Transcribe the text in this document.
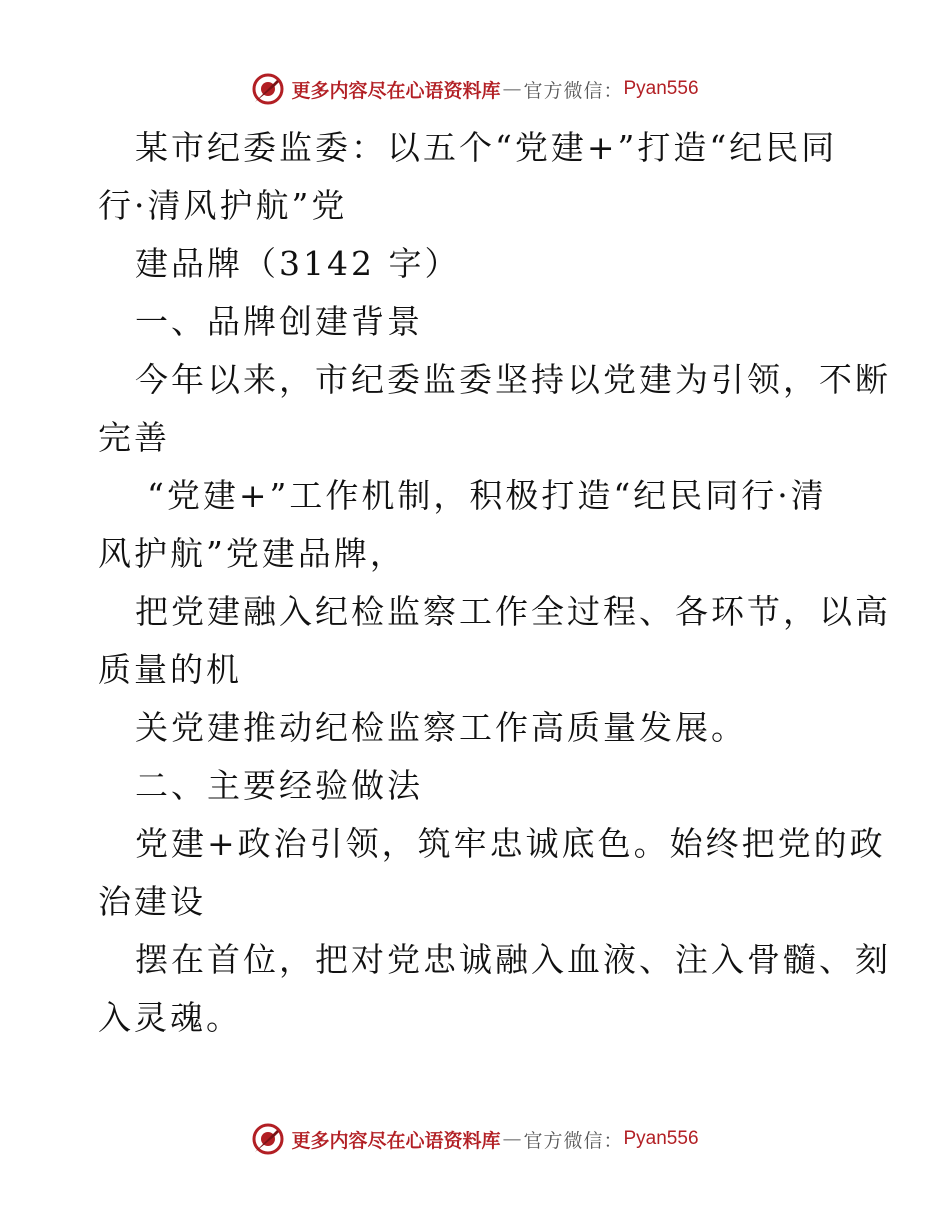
更多内容尽在心语资料库 — 官方微信： Pyan556
某市纪委监委：以五个“党建+”打造“纪民同
行·清风护航”党
建品牌（3142 字）
一、品牌创建背景
今年以来，市纪委监委坚持以党建为引领，不断
完善
“党建+”工作机制，积极打造“纪民同行·清
风护航”党建品牌，
把党建融入纪检监察工作全过程、各环节，以高
质量的机
关党建推动纪检监察工作高质量发展。
二、主要经验做法
党建+政治引领，筑牢忠诚底色。始终把党的政
治建设
摆在首位，把对党忠诚融入血液、注入骨髓、刻
入灵魂。
更多内容尽在心语资料库 — 官方微信： Pyan556
